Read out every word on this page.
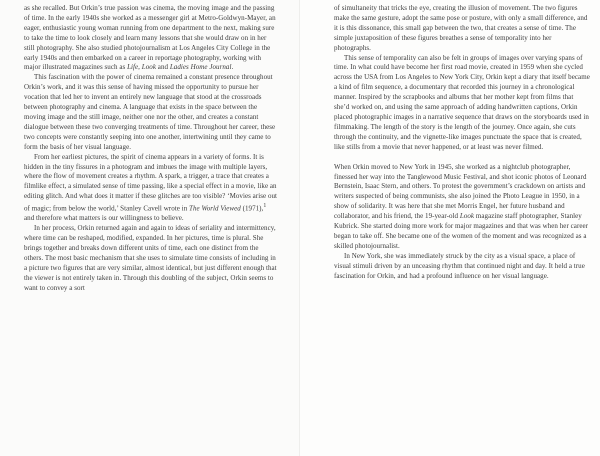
as she recalled. But Orkin’s true passion was cinema, the moving image and the passing of time. In the early 1940s she worked as a messenger girl at Metro-Goldwyn-Mayer, an eager, enthusiastic young woman running from one department to the next, making sure to take the time to look closely and learn many lessons that she would draw on in her still photography. She also studied photojournalism at Los Angeles City College in the early 1940s and then embarked on a career in reportage photography, working with major illustrated magazines such as Life, Look and Ladies Home Journal.

This fascination with the power of cinema remained a constant presence throughout Orkin’s work, and it was this sense of having missed the opportunity to pursue her vocation that led her to invent an entirely new language that stood at the crossroads between photography and cinema. A language that exists in the space between the moving image and the still image, neither one nor the other, and creates a constant dialogue between these two converging treatments of time. Throughout her career, these two concepts were constantly seeping into one another, intertwining until they came to form the basis of her visual language.

From her earliest pictures, the spirit of cinema appears in a variety of forms. It is hidden in the tiny fissures in a photogram and imbues the image with multiple layers, where the flow of movement creates a rhythm. A spark, a trigger, a trace that creates a filmlike effect, a simulated sense of time passing, like a special effect in a movie, like an editing glitch. And what does it matter if these glitches are too visible? ‘Movies arise out of magic; from below the world,’ Stanley Cavell wrote in The World Viewed (1971),$^1$ and therefore what matters is our willingness to believe.

In her process, Orkin returned again and again to ideas of seriality and intermittency, where time can be reshaped, modified, expanded. In her pictures, time is plural. She brings together and breaks down different units of time, each one distinct from the others. The most basic mechanism that she uses to simulate time consists of including in a picture two figures that are very similar, almost identical, but just different enough that the viewer is not entirely taken in. Through this doubling of the subject, Orkin seems to want to convey a sort

of simultaneity that tricks the eye, creating the illusion of movement. The two figures make the same gesture, adopt the same pose or posture, with only a small difference, and it is this dissonance, this small gap between the two, that creates a sense of time. The simple juxtaposition of these figures breathes a sense of temporality into her photographs.

This sense of temporality can also be felt in groups of images over varying spans of time. In what could have become her first road movie, created in 1959 when she cycled across the USA from Los Angeles to New York City, Orkin kept a diary that itself became a kind of film sequence, a documentary that recorded this journey in a chronological manner. Inspired by the scrapbooks and albums that her mother kept from films that she’d worked on, and using the same approach of adding handwritten captions, Orkin placed photographic images in a narrative sequence that draws on the storyboards used in filmmaking. The length of the story is the length of the journey. Once again, she cuts through the continuity, and the vignette-like images punctuate the space that is created, like stills from a movie that never happened, or at least was never filmed.

When Orkin moved to New York in 1945, she worked as a nightclub photographer, finessed her way into the Tanglewood Music Festival, and shot iconic photos of Leonard Bernstein, Isaac Stern, and others. To protest the government’s crackdown on artists and writers suspected of being communists, she also joined the Photo League in 1950, in a show of solidarity. It was here that she met Morris Engel, her future husband and collaborator, and his friend, the 19-year-old Look magazine staff photographer, Stanley Kubrick. She started doing more work for major magazines and that was when her career began to take off. She became one of the women of the moment and was recognized as a skilled photojournalist.

In New York, she was immediately struck by the city as a visual space, a place of visual stimuli driven by an unceasing rhythm that continued night and day. It held a true fascination for Orkin, and had a profound influence on her visual language.
